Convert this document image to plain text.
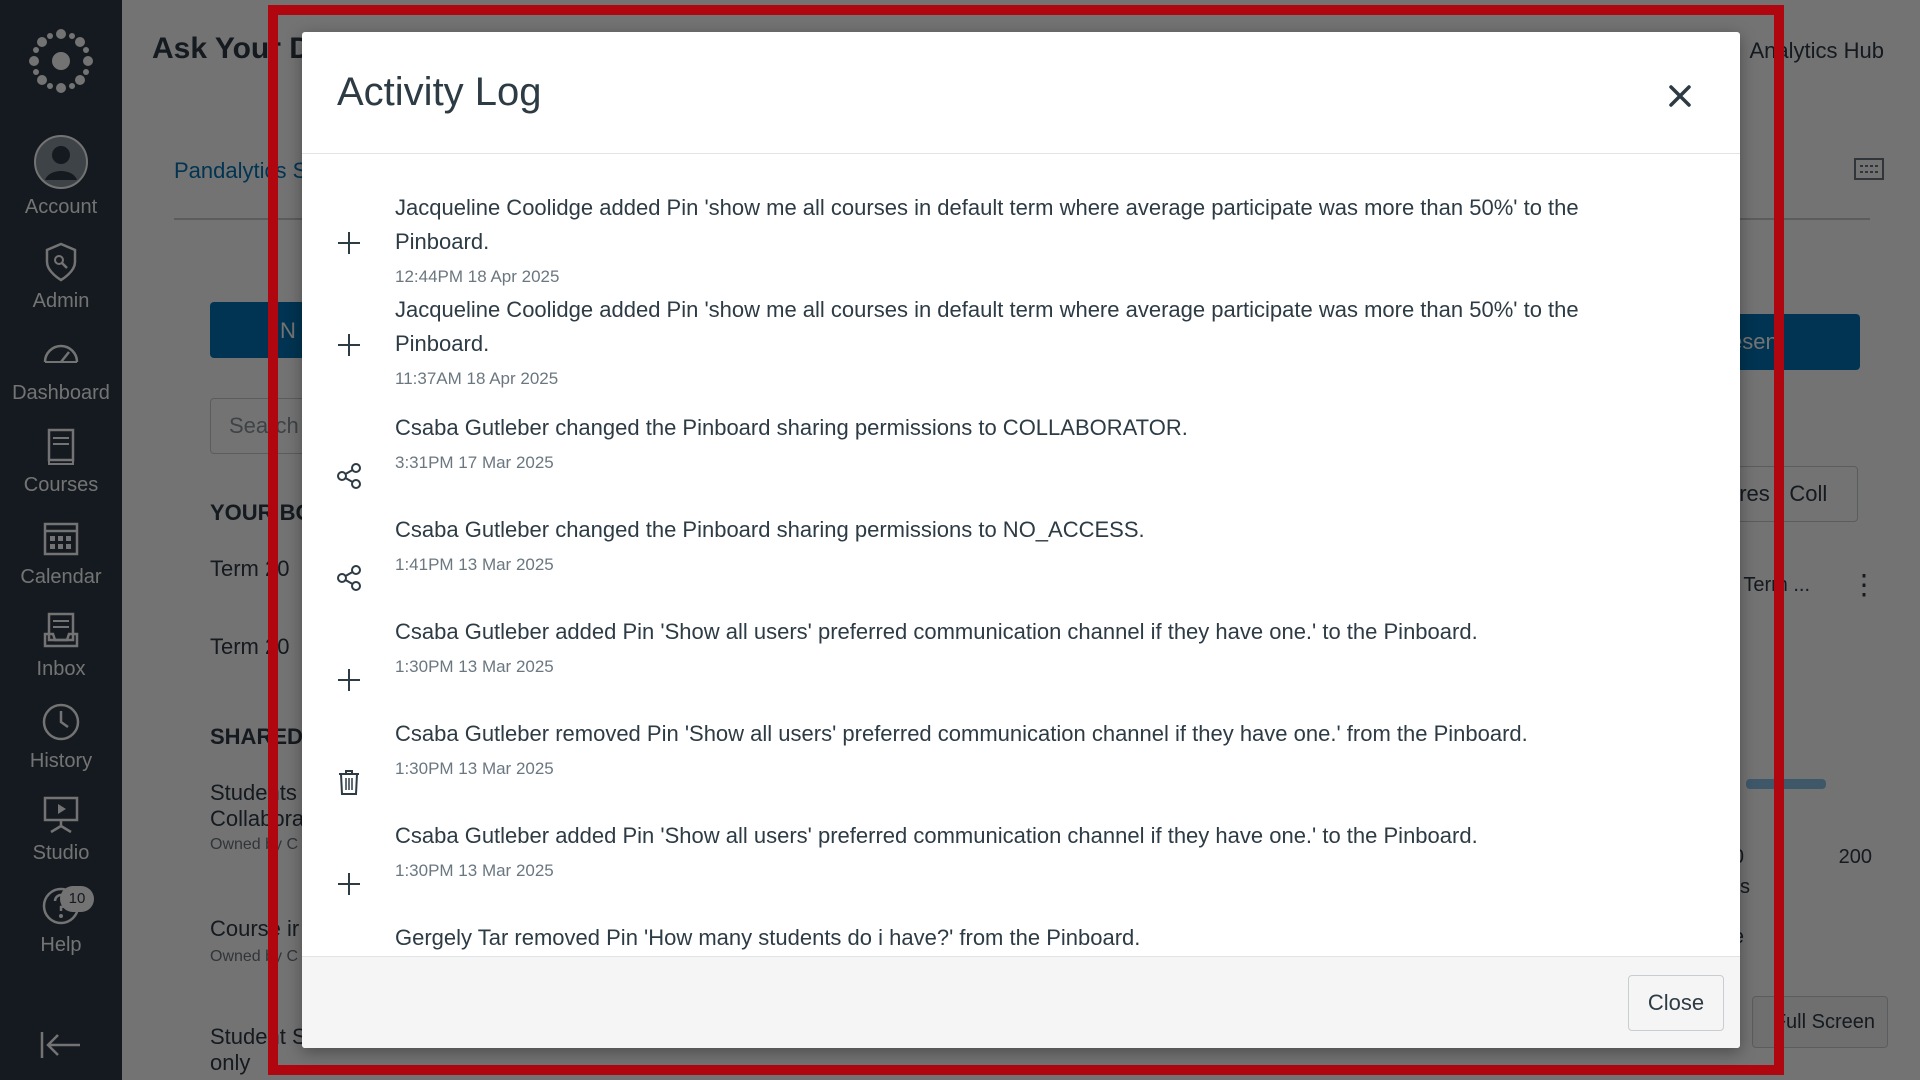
Activity Log
Jacqueline Coolidge added Pin 'show me all courses in default term where average participate was more than 50%' to the Pinboard.
12:44PM 18 Apr 2025
Jacqueline Coolidge added Pin 'show me all courses in default term where average participate was more than 50%' to the Pinboard.
11:37AM 18 Apr 2025
Csaba Gutleber changed the Pinboard sharing permissions to COLLABORATOR.
3:31PM 17 Mar 2025
Csaba Gutleber changed the Pinboard sharing permissions to NO_ACCESS.
1:41PM 13 Mar 2025
Csaba Gutleber added Pin 'Show all users' preferred communication channel if they have one.' to the Pinboard.
1:30PM 13 Mar 2025
Csaba Gutleber removed Pin 'Show all users' preferred communication channel if they have one.' from the Pinboard.
1:30PM 13 Mar 2025
Csaba Gutleber added Pin 'Show all users' preferred communication channel if they have one.' to the Pinboard.
1:30PM 13 Mar 2025
Gergely Tar removed Pin 'How many students do i have?' from the Pinboard.
Close
